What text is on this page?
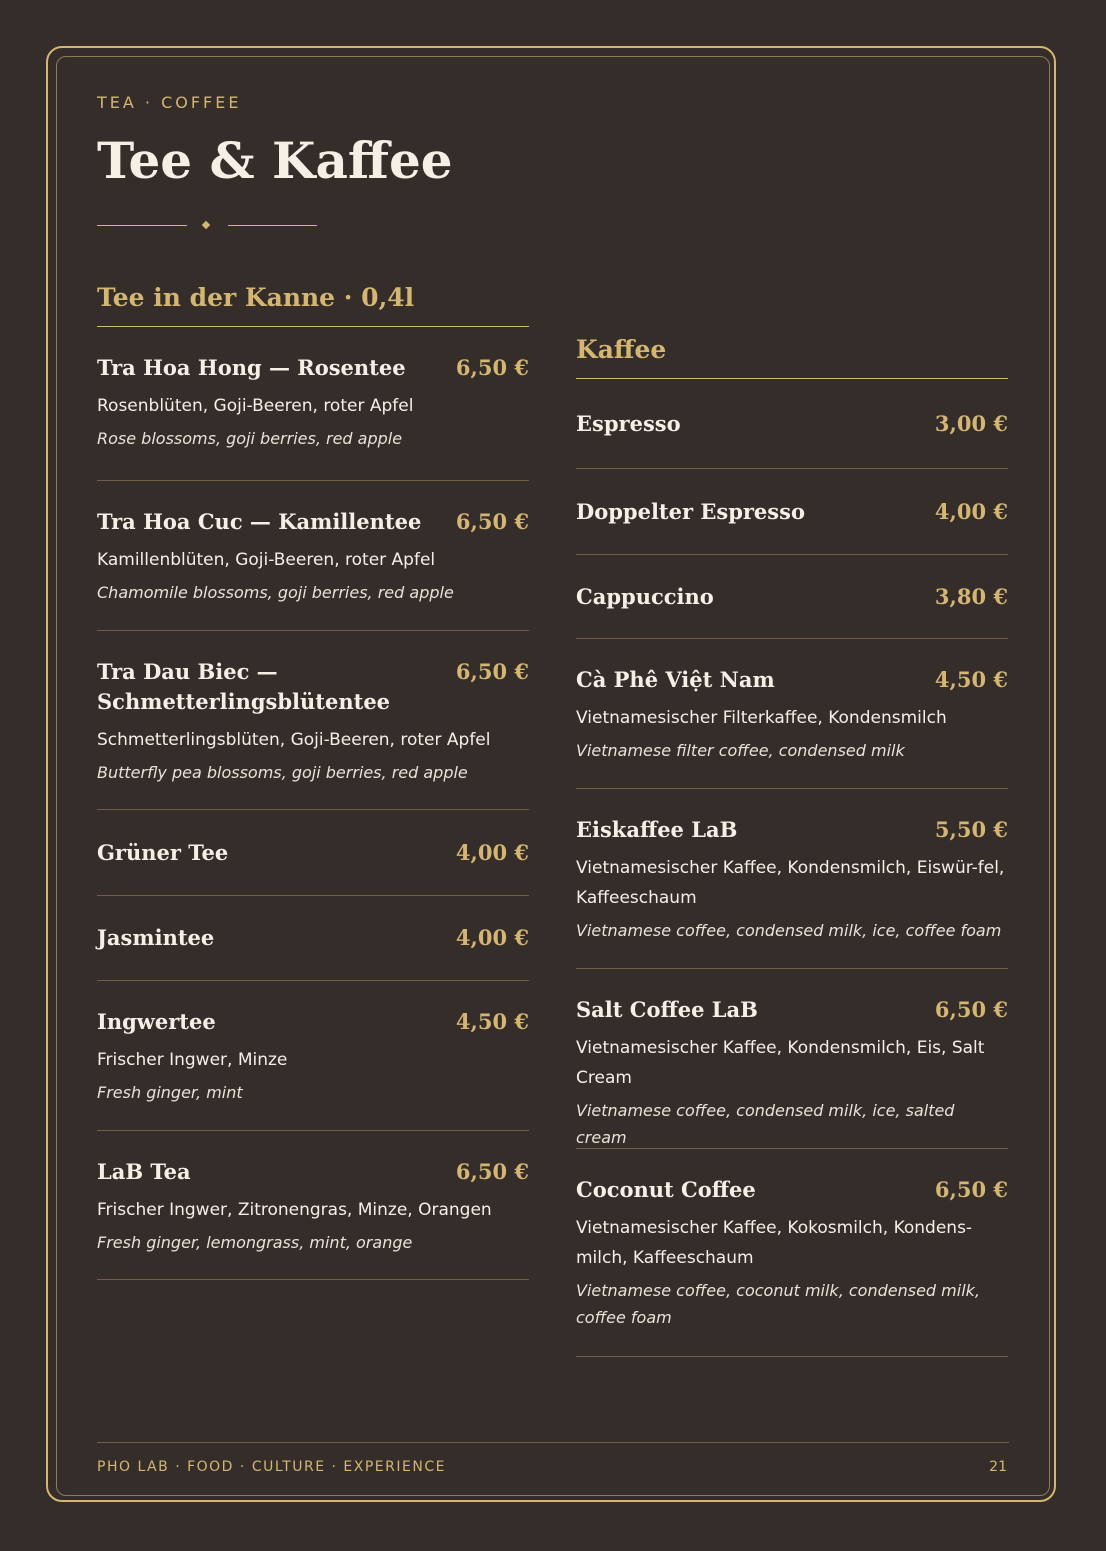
TEA · COFFEE

Tee & Kaffee
Tee in der Kanne · 0,4l
Tra Hoa Hong — Rosentee 6,50 €
Rosenblüten, Goji-Beeren, roter Apfel
Rose blossoms, goji berries, red apple
Tra Hoa Cuc — Kamillentee 6,50 €
Kamillenblüten, Goji-Beeren, roter Apfel
Chamomile blossoms, goji berries, red apple
Tra Dau Biec — Schmetterlingsblütentee
6,50 €
Schmetterlingsblüten, Goji-Beeren, roter Apfel
Butterfly pea blossoms, goji berries, red apple
Grüner Tee	4,00 €
Jasmintee	4,00 €
Ingwertee	4,50 €
Frischer Ingwer, Minze
Fresh ginger, mint
LaB Tea	6,50 €
Frischer Ingwer, Zitronengras, Minze, Orangen
Fresh ginger, lemongrass, mint, orange
Kaffee
Espresso	3,00 €
Doppelter Espresso	4,00 €
Cappuccino	3,80 €
Cà Phê Việt Nam	4,50 €
Vietnamesischer Filterkaffee, Kondensmilch
Vietnamese filter coffee, condensed milk
Eiskaffee LaB	5,50 €
Vietnamesischer Kaffee, Kondensmilch, Eiswür-fel, Kaffeeschaum
Vietnamese coffee, condensed milk, ice, coffee foam
Salt Coffee LaB	6,50 €
Vietnamesischer Kaffee, Kondensmilch, Eis, Salt Cream
Vietnamese coffee, condensed milk, ice, salted cream
Coconut Coffee	6,50 €
Vietnamesischer Kaffee, Kokosmilch, Kondens-milch, Kaffeeschaum
Vietnamese coffee, coconut milk, condensed milk, coffee foam
PHO LAB · FOOD · CULTURE · EXPERIENCE	21
